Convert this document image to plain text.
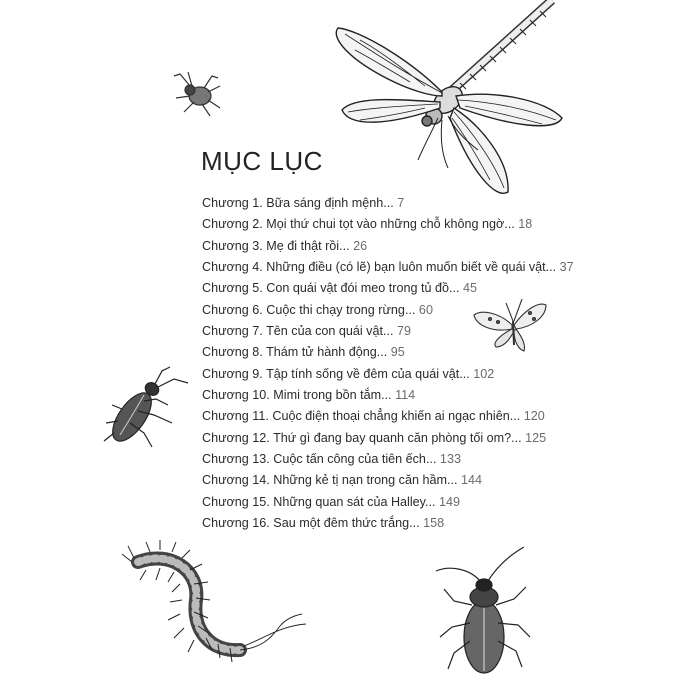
MỤC LỤC
Chương 1. Bữa sáng định mệnh... 7
Chương 2. Mọi thứ chui tọt vào những chỗ không ngờ... 18
Chương 3. Mẹ đi thật rồi... 26
Chương 4. Những điều (có lẽ) bạn luôn muốn biết về quái vật... 37
Chương 5. Con quái vật đói meo trong tủ đồ... 45
Chương 6. Cuộc thi chạy trong rừng... 60
Chương 7. Tên của con quái vật... 79
Chương 8. Thám tử hành động... 95
Chương 9. Tập tính sống về đêm của quái vật... 102
Chương 10. Mimi trong bồn tắm... 114
Chương 11. Cuộc điện thoại chẳng khiến ai ngạc nhiên... 120
Chương 12. Thứ gì đang bay quanh căn phòng tối om?... 125
Chương 13. Cuộc tấn công của tiên ếch... 133
Chương 14. Những kẻ tị nạn trong căn hầm... 144
Chương 15. Những quan sát của Halley... 149
Chương 16. Sau một đêm thức trắng... 158
